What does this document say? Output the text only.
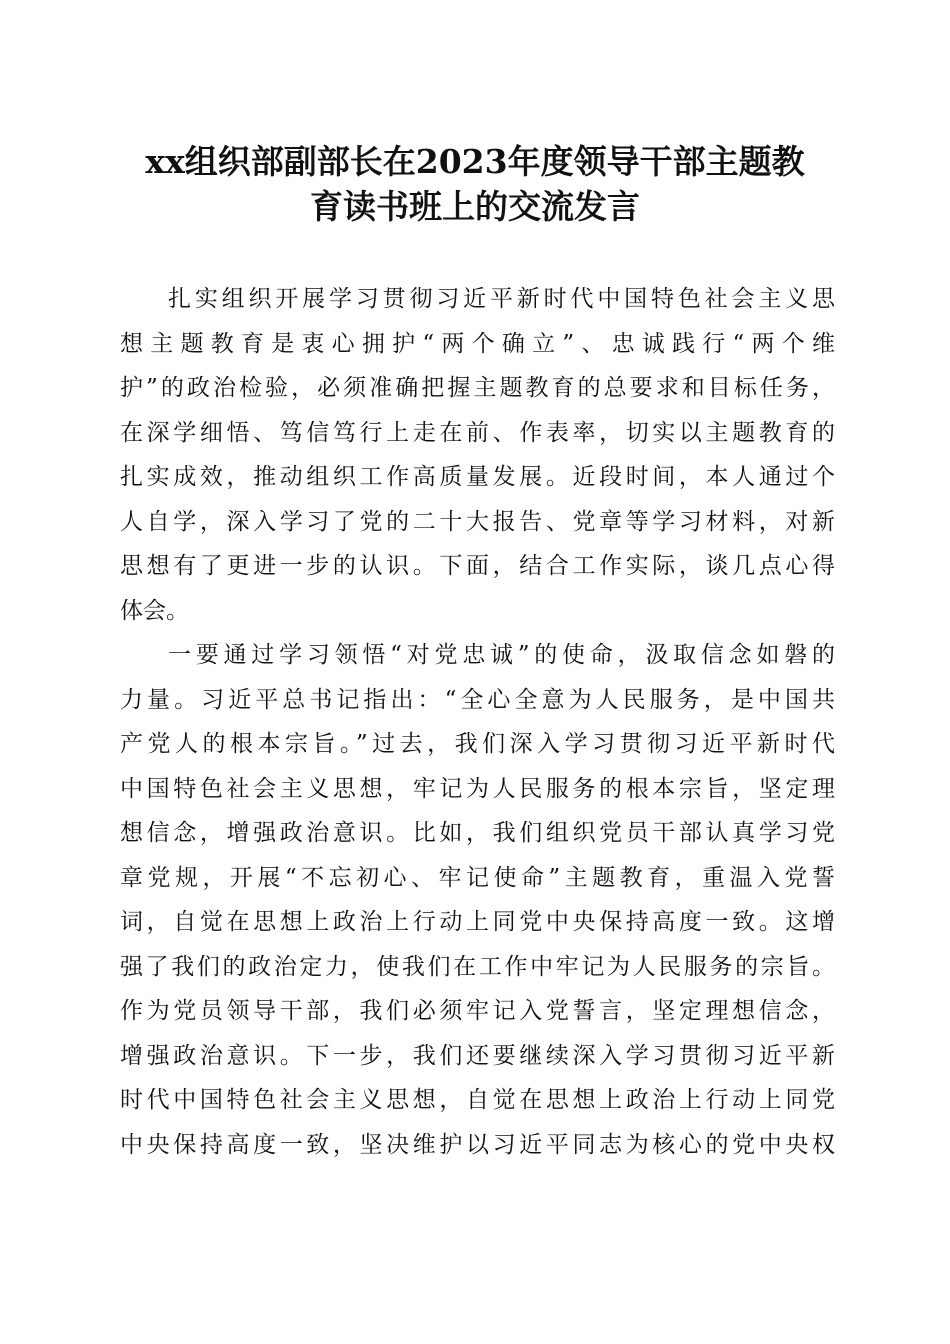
xx组织部副部长在2023年度领导干部主题教
育读书班上的交流发言
扎实组织开展学习贯彻习近平新时代中国特色社会主义思
想主题教育是衷心拥护“两个确立”、忠诚践行“两个维
护”的政治检验，必须准确把握主题教育的总要求和目标任务，
在深学细悟、笃信笃行上走在前、作表率，切实以主题教育的
扎实成效，推动组织工作高质量发展。近段时间，本人通过个
人自学，深入学习了党的二十大报告、党章等学习材料，对新
思想有了更进一步的认识。下面，结合工作实际，谈几点心得
体会。
一要通过学习领悟“对党忠诚”的使命，汲取信念如磐的
力量。习近平总书记指出：“全心全意为人民服务，是中国共
产党人的根本宗旨。”过去，我们深入学习贯彻习近平新时代
中国特色社会主义思想，牢记为人民服务的根本宗旨，坚定理
想信念，增强政治意识。比如，我们组织党员干部认真学习党
章党规，开展“不忘初心、牢记使命”主题教育，重温入党誓
词，自觉在思想上政治上行动上同党中央保持高度一致。这增
强了我们的政治定力，使我们在工作中牢记为人民服务的宗旨。
作为党员领导干部，我们必须牢记入党誓言，坚定理想信念，
增强政治意识。下一步，我们还要继续深入学习贯彻习近平新
时代中国特色社会主义思想，自觉在思想上政治上行动上同党
中央保持高度一致，坚决维护以习近平同志为核心的党中央权
